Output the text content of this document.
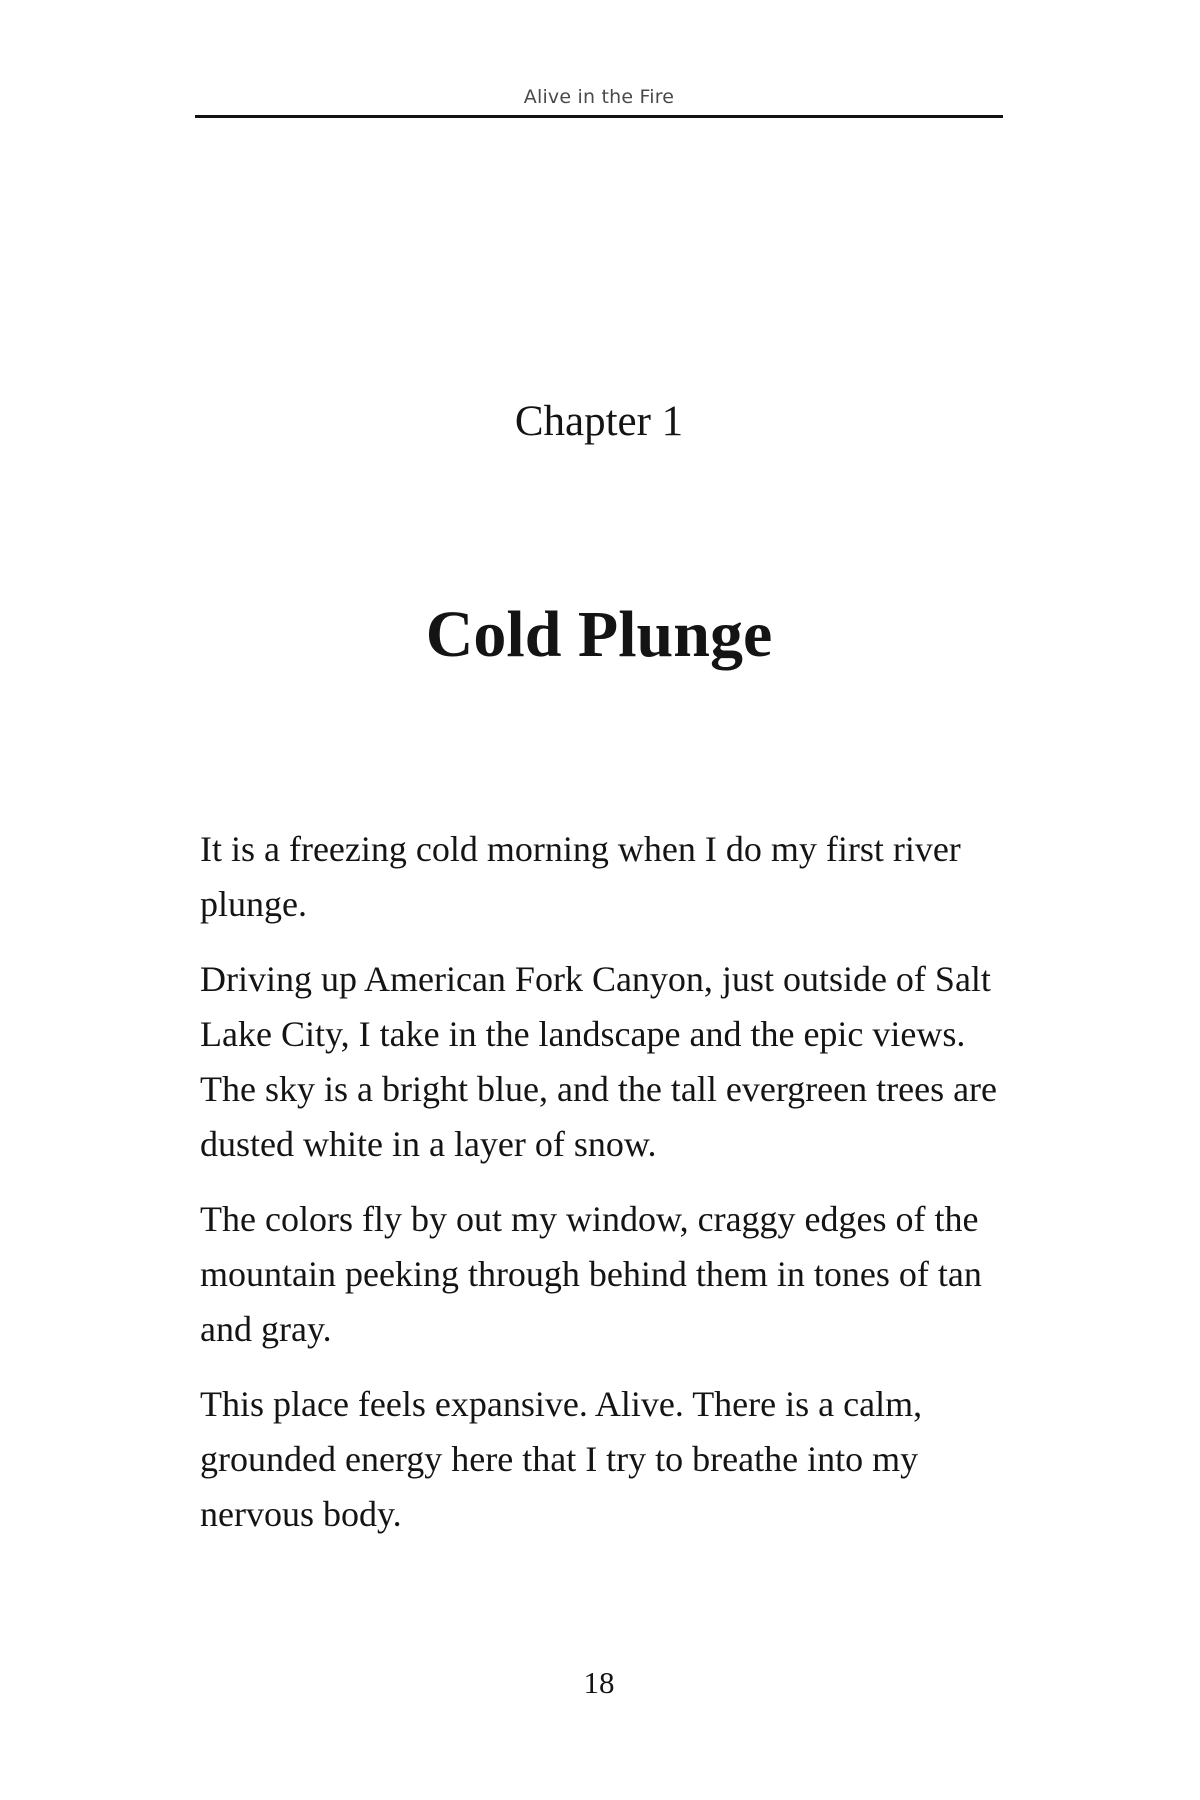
Alive in the Fire
Chapter 1
Cold Plunge

It is a freezing cold morning when I do my first river plunge.

Driving up American Fork Canyon, just outside of Salt Lake City, I take in the landscape and the epic views. The sky is a bright blue, and the tall evergreen trees are dusted white in a layer of snow.

The colors fly by out my window, craggy edges of the mountain peeking through behind them in tones of tan and gray.

This place feels expansive. Alive. There is a calm, grounded energy here that I try to breathe into my nervous body.

18
